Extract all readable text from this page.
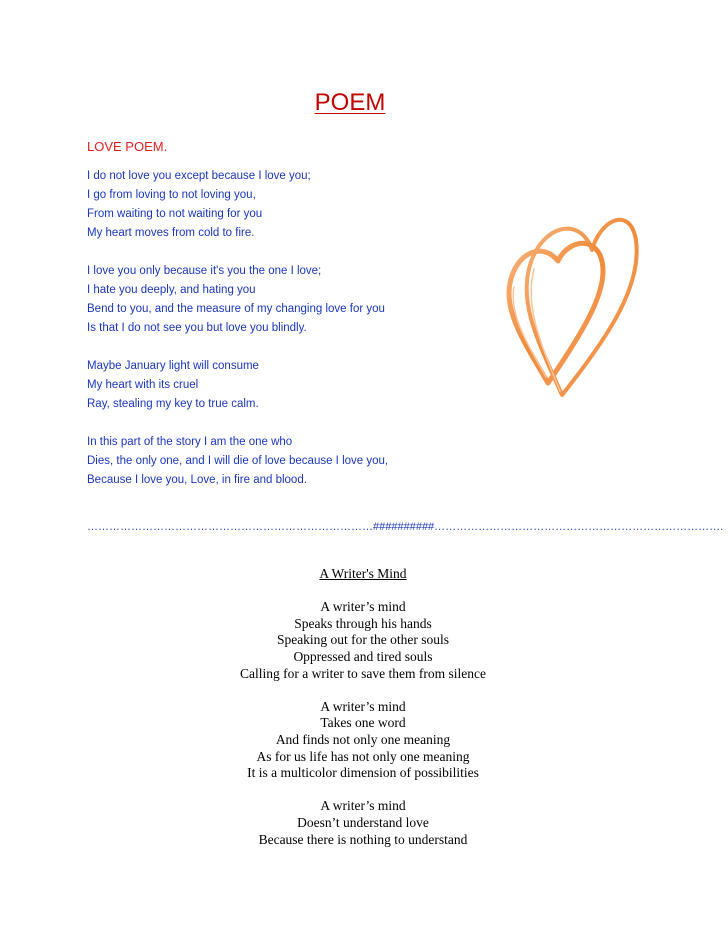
POEM
LOVE POEM.
I do not love you except because I love you;
I go from loving to not loving you,
From waiting to not waiting for you
My heart moves from cold to fire.
I love you only because it's you the one I love;
I hate you deeply, and hating you
Bend to you, and the measure of my changing love for you
Is that I do not see you but love you blindly.
Maybe January light will consume
My heart with its cruel
Ray, stealing my key to true calm.
In this part of the story I am the one who
Dies, the only one, and I will die of love because I love you,
Because I love you, Love, in fire and blood.
……………………………………………………………………##########…………………………………………………………………….
A Writer's Mind
A writer’s mind
Speaks through his hands
Speaking out for the other souls
Oppressed and tired souls
Calling for a writer to save them from silence
A writer’s mind
Takes one word
And finds not only one meaning
As for us life has not only one meaning
It is a multicolor dimension of possibilities
A writer’s mind
Doesn’t understand love
Because there is nothing to understand
